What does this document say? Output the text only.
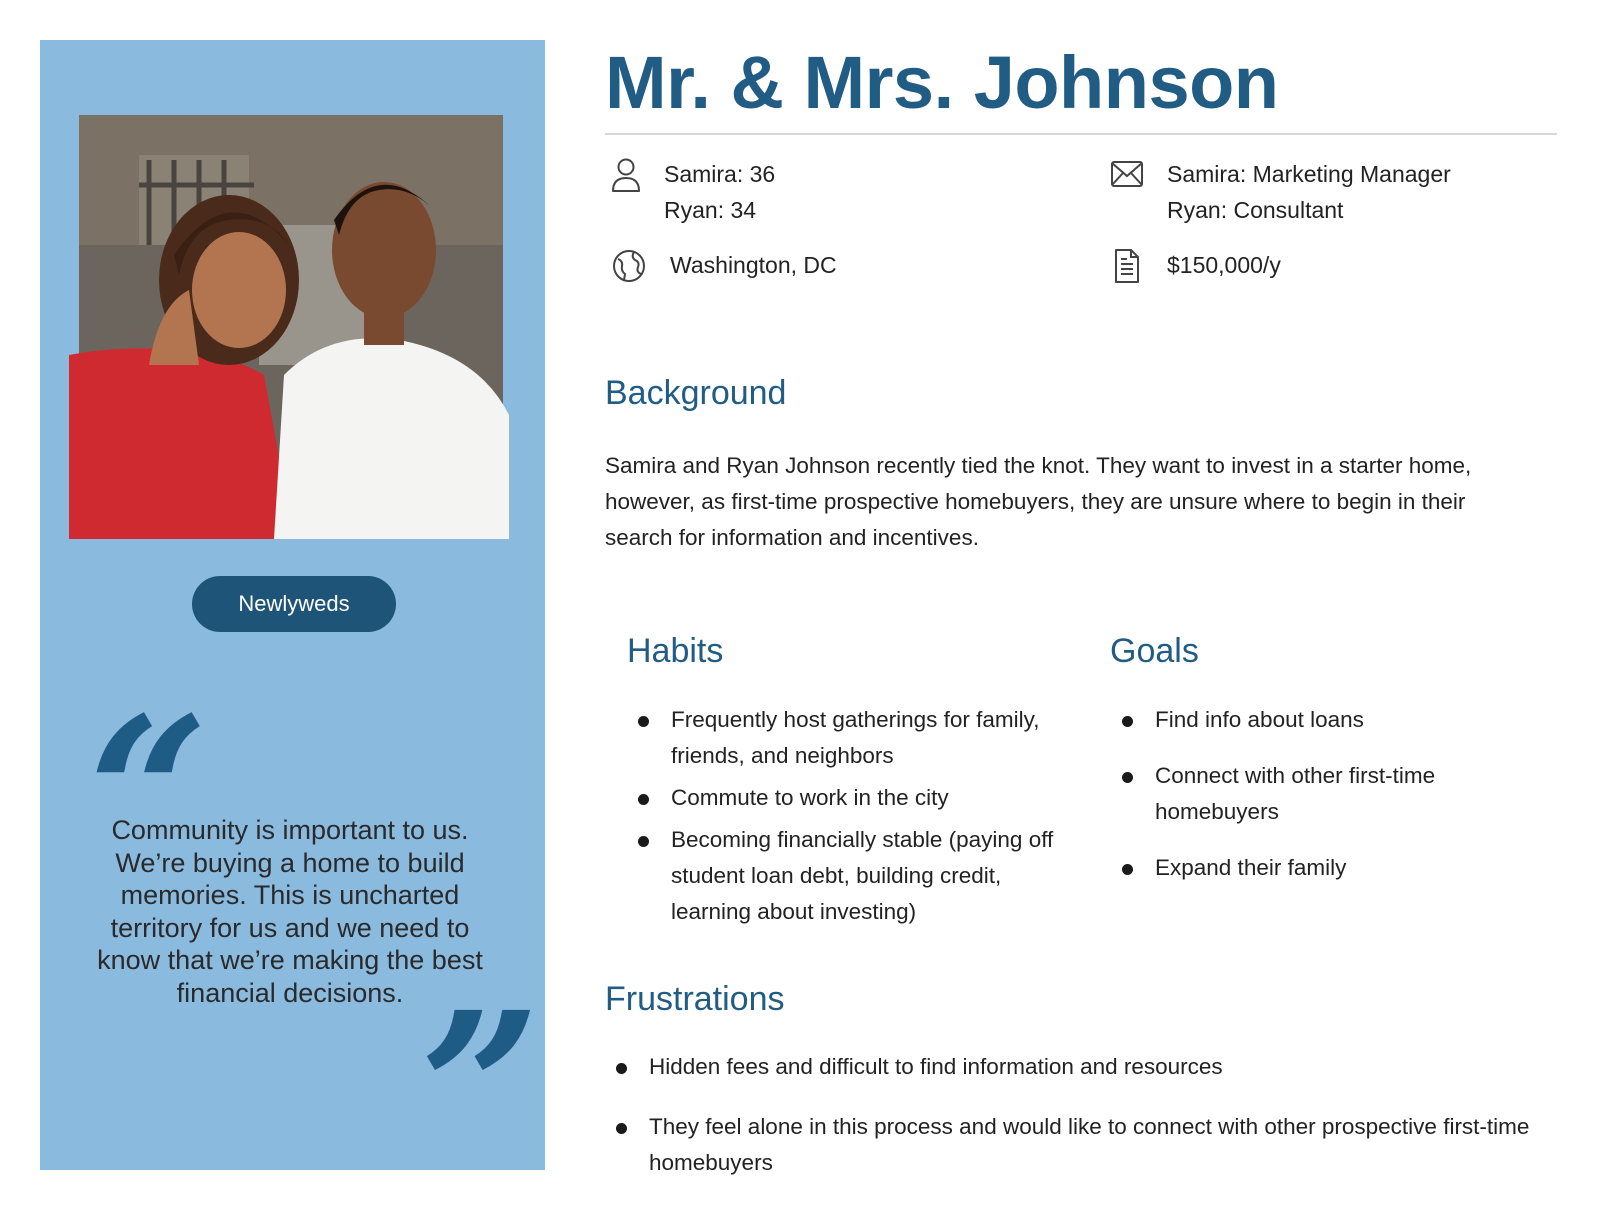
Newlyweds
“
Community is important to us. We’re buying a home to build memories. This is uncharted territory for us and we need to know that we’re making the best financial decisions. ”
Mr. & Mrs. Johnson
Samira: 36
Ryan: 34
Washington, DC
Samira: Marketing Manager
Ryan: Consultant
$150,000/y
Background

Samira and Ryan Johnson recently tied the knot. They want to invest in a starter home, however, as first-time prospective homebuyers, they are unsure where to begin in their search for information and incentives.

Habits
Frequently host gatherings for family, friends, and neighbors
Commute to work in the city
Becoming financially stable (paying off student loan debt, building credit, learning about investing)
Goals
Find info about loans
Connect with other first-time homebuyers
Expand their family
Frustrations
Hidden fees and difficult to find information and resources
They feel alone in this process and would like to connect with other prospective first-time homebuyers
